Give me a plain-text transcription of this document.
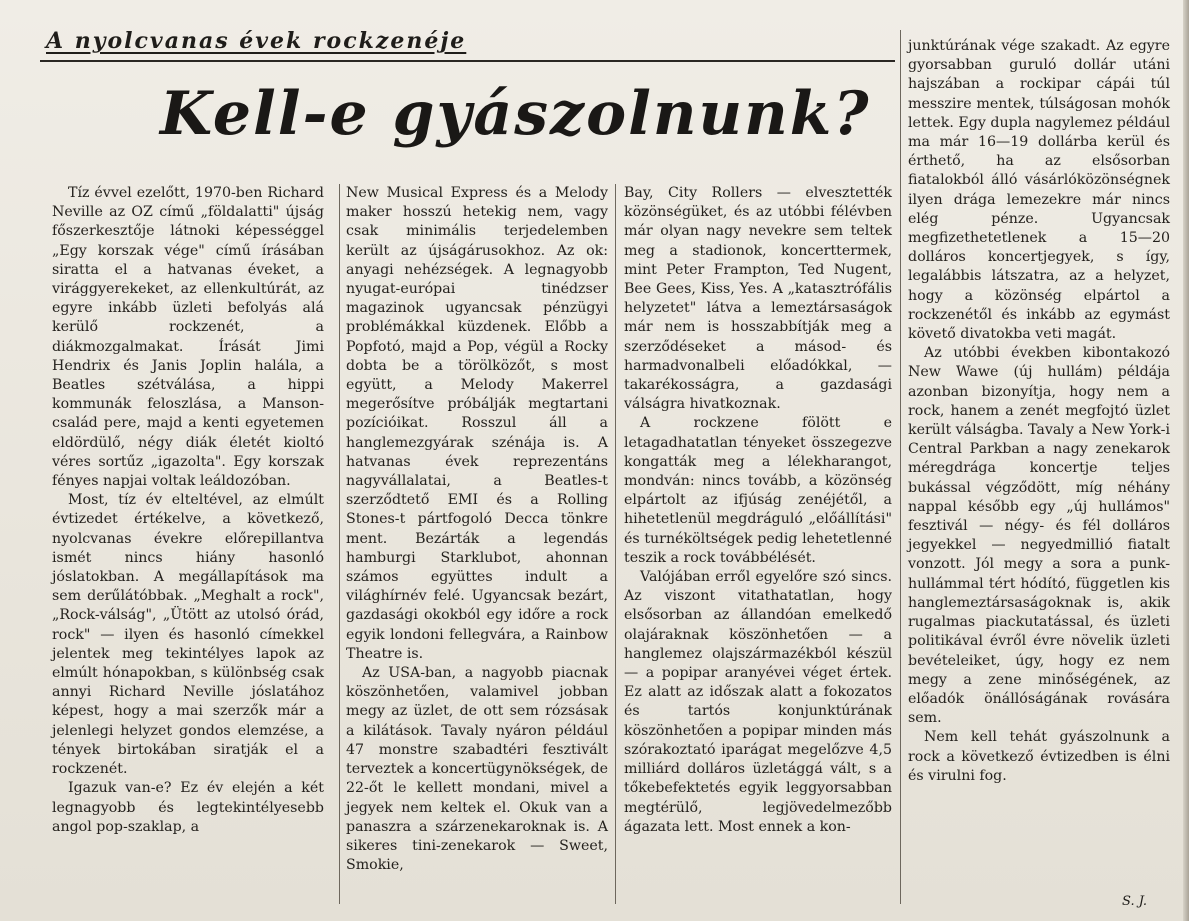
A nyolcvanas évek rockzenéje
Kell-e gyászolnunk?

Tíz évvel ezelőtt, 1970-ben Richard Neville az OZ című „földalatti" újság főszerkesztője látnoki képességgel „Egy korszak vége" című írásában siratta el a hatvanas éveket, a virággyerekeket, az ellenkultúrát, az egyre inkább üzleti befolyás alá kerülő rockzenét, a diákmozgalmakat. Írását Jimi Hendrix és Janis Joplin halála, a Beatles szétválása, a hippi kommunák feloszlása, a Manson-család pere, majd a kenti egyetemen eldördülő, négy diák életét kioltó véres sortűz „igazolta". Egy korszak fényes napjai voltak leáldozóban.

Most, tíz év elteltével, az elmúlt évtizedet értékelve, a következő, nyolcvanas évekre előrepillantva ismét nincs hiány hasonló jóslatokban. A megállapítások ma sem derűlátóbbak. „Meghalt a rock", „Rock-válság", „Ütött az utolsó órád, rock" — ilyen és hasonló címekkel jelentek meg tekintélyes lapok az elmúlt hónapokban, s különbség csak annyi Richard Neville jóslatához képest, hogy a mai szerzők már a jelenlegi helyzet gondos elemzése, a tények birtokában siratják el a rockzenét.

Igazuk van-e? Ez év elején a két legnagyobb és legtekintélyesebb angol pop-szaklap, a

New Musical Express és a Melody maker hosszú hetekig nem, vagy csak minimális terjedelemben került az újságárusokhoz. Az ok: anyagi nehézségek. A legnagyobb nyugat-európai tinédzser magazinok ugyancsak pénzügyi problémákkal küzdenek. Előbb a Popfotó, majd a Pop, végül a Rocky dobta be a törölközőt, s most együtt, a Melody Makerrel megerősítve próbálják megtartani pozícióikat. Rosszul áll a hanglemezgyárak szénája is. A hatvanas évek reprezentáns nagyvállalatai, a Beatles-t szerződtető EMI és a Rolling Stones-t pártfogoló Decca tönkre ment. Bezárták a legendás hamburgi Starklubot, ahonnan számos együttes indult a világhírnév felé. Ugyancsak bezárt, gazdasági okokból egy időre a rock egyik londoni fellegvára, a Rainbow Theatre is.

Az USA-ban, a nagyobb piacnak köszönhetően, valamivel jobban megy az üzlet, de ott sem rózsásak a kilátások. Tavaly nyáron például 47 monstre szabadtéri fesztivált terveztek a koncertügynökségek, de 22-őt le kellett mondani, mivel a jegyek nem keltek el. Okuk van a panaszra a szárzenekaroknak is. A sikeres tini-zenekarok — Sweet, Smokie,

Bay, City Rollers — elvesztették közönségüket, és az utóbbi félévben már olyan nagy nevekre sem teltek meg a stadionok, koncerttermek, mint Peter Frampton, Ted Nugent, Bee Gees, Kiss, Yes. A „katasztrófális helyzetet" látva a lemeztársaságok már nem is hosszabbítják meg a szerződéseket a másod- és harmadvonalbeli előadókkal, — takarékosságra, a gazdasági válságra hivatkoznak.

A rockzene fölött e letagadhatatlan tényeket összegezve kongatták meg a lélekharangot, mondván: nincs tovább, a közönség elpártolt az ifjúság zenéjétől, a hihetetlenül megdráguló „előállítási" és turnéköltségek pedig lehetetlenné teszik a rock továbbélését.

Valójában erről egyelőre szó sincs. Az viszont vitathatatlan, hogy elsősorban az állandóan emelkedő olajáraknak köszönhetően — a hanglemez olajszármazékból készül — a popipar aranyévei véget értek. Ez alatt az időszak alatt a fokozatos és tartós konjunktúrának köszönhetően a popipar minden más szórakoztató iparágat megelőzve 4,5 milliárd dolláros üzletággá vált, s a tőkebefektetés egyik leggyorsabban megtérülő, legjövedelmezőbb ágazata lett. Most ennek a kon-

junktúrának vége szakadt. Az egyre gyorsabban guruló dollár utáni hajszában a rockipar cápái túl messzire mentek, túlságosan mohók lettek. Egy dupla nagylemez például ma már 16—19 dollárba kerül és érthető, ha az elsősorban fiatalokból álló vásárlóközönségnek ilyen drága lemezekre már nincs elég pénze. Ugyancsak megfizethetetlenek a 15—20 dolláros koncertjegyek, s így, legalábbis látszatra, az a helyzet, hogy a közönség elpártol a rockzenétől és inkább az egymást követő divatokba veti magát.

Az utóbbi években kibontakozó New Wawe (új hullám) példája azonban bizonyítja, hogy nem a rock, hanem a zenét megfojtó üzlet került válságba. Tavaly a New York-i Central Parkban a nagy zenekarok méregdrága koncertje teljes bukással végződött, míg néhány nappal később egy „új hullámos" fesztivál — négy- és fél dolláros jegyekkel — negyedmillió fiatalt vonzott. Jól megy a sora a punk-hullámmal tért hódító, független kis hanglemeztársaságoknak is, akik rugalmas piackutatással, és üzleti politikával évről évre növelik üzleti bevételeiket, úgy, hogy ez nem megy a zene minőségének, az előadók önállóságának rovására sem.

Nem kell tehát gyászolnunk a rock a következő évtizedben is élni és virulni fog.

S. J.
